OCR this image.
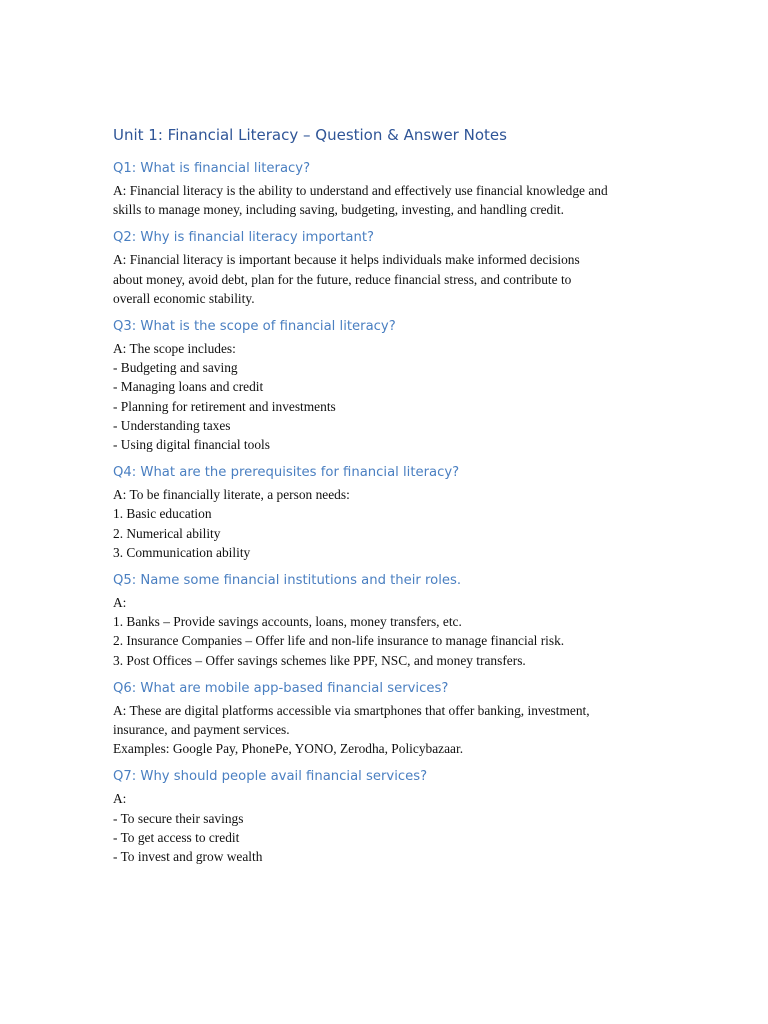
Unit 1: Financial Literacy – Question & Answer Notes
Q1: What is financial literacy?

A: Financial literacy is the ability to understand and effectively use financial knowledge and
skills to manage money, including saving, budgeting, investing, and handling credit.

Q2: Why is financial literacy important?

A: Financial literacy is important because it helps individuals make informed decisions
about money, avoid debt, plan for the future, reduce financial stress, and contribute to
overall economic stability.

Q3: What is the scope of financial literacy?

A: The scope includes:
- Budgeting and saving
- Managing loans and credit
- Planning for retirement and investments
- Understanding taxes
- Using digital financial tools

Q4: What are the prerequisites for financial literacy?

A: To be financially literate, a person needs:
1. Basic education
2. Numerical ability
3. Communication ability

Q5: Name some financial institutions and their roles.

A:
1. Banks – Provide savings accounts, loans, money transfers, etc.
2. Insurance Companies – Offer life and non-life insurance to manage financial risk.
3. Post Offices – Offer savings schemes like PPF, NSC, and money transfers.

Q6: What are mobile app-based financial services?

A: These are digital platforms accessible via smartphones that offer banking, investment,
insurance, and payment services.
Examples: Google Pay, PhonePe, YONO, Zerodha, Policybazaar.

Q7: Why should people avail financial services?

A:
- To secure their savings
- To get access to credit
- To invest and grow wealth
